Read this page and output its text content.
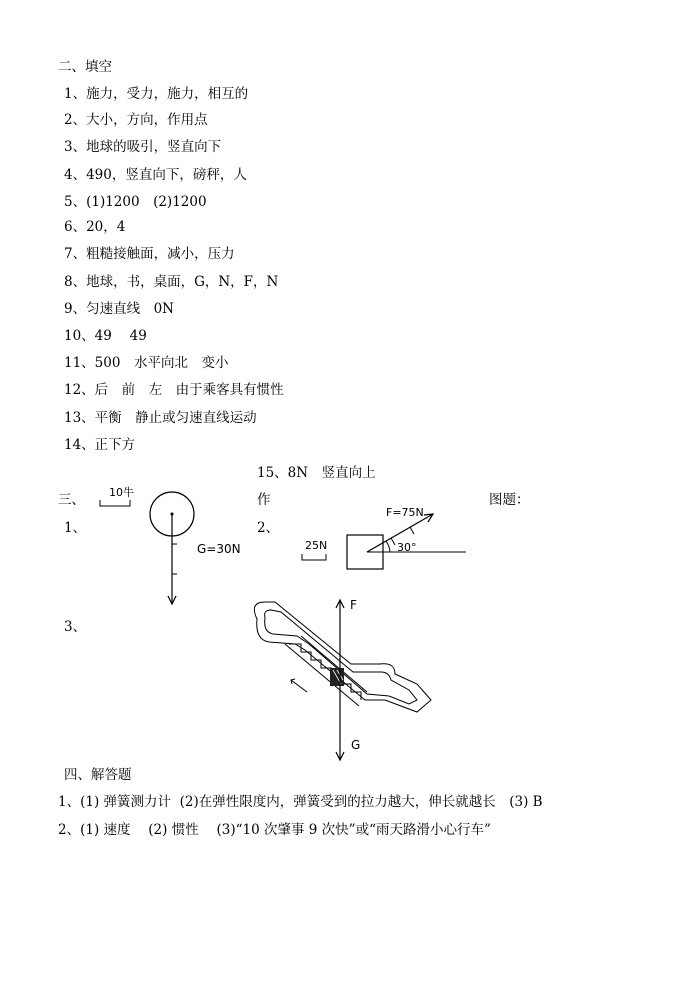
二、填空
1、施力，受力，施力，相互的
2、大小，方向，作用点
3、地球的吸引，竖直向下
4、490，竖直向下，磅秤，人
5、(1)1200　(2)1200
6、20，4
7、粗糙接触面，减小，压力
8、地球，书，桌面，G，N，F，N
9、匀速直线　0N
10、49　 49
11、500　水平向北　变小
12、后　前　左　由于乘客具有惯性
13、平衡　静止或匀速直线运动
14、正下方
15、8N　竖直向上
三、	作	图题：
1、	2、
3、
10牛
G=30N
F=75N
30°
25N
F
G
四、解答题
1、(1) 弹簧测力计  (2)在弹性限度内，弹簧受到的拉力越大，伸长就越长　(3) B
2、(1) 速度　 (2) 惯性　 (3)“10 次肇事 9 次快”或“雨天路滑小心行车”
